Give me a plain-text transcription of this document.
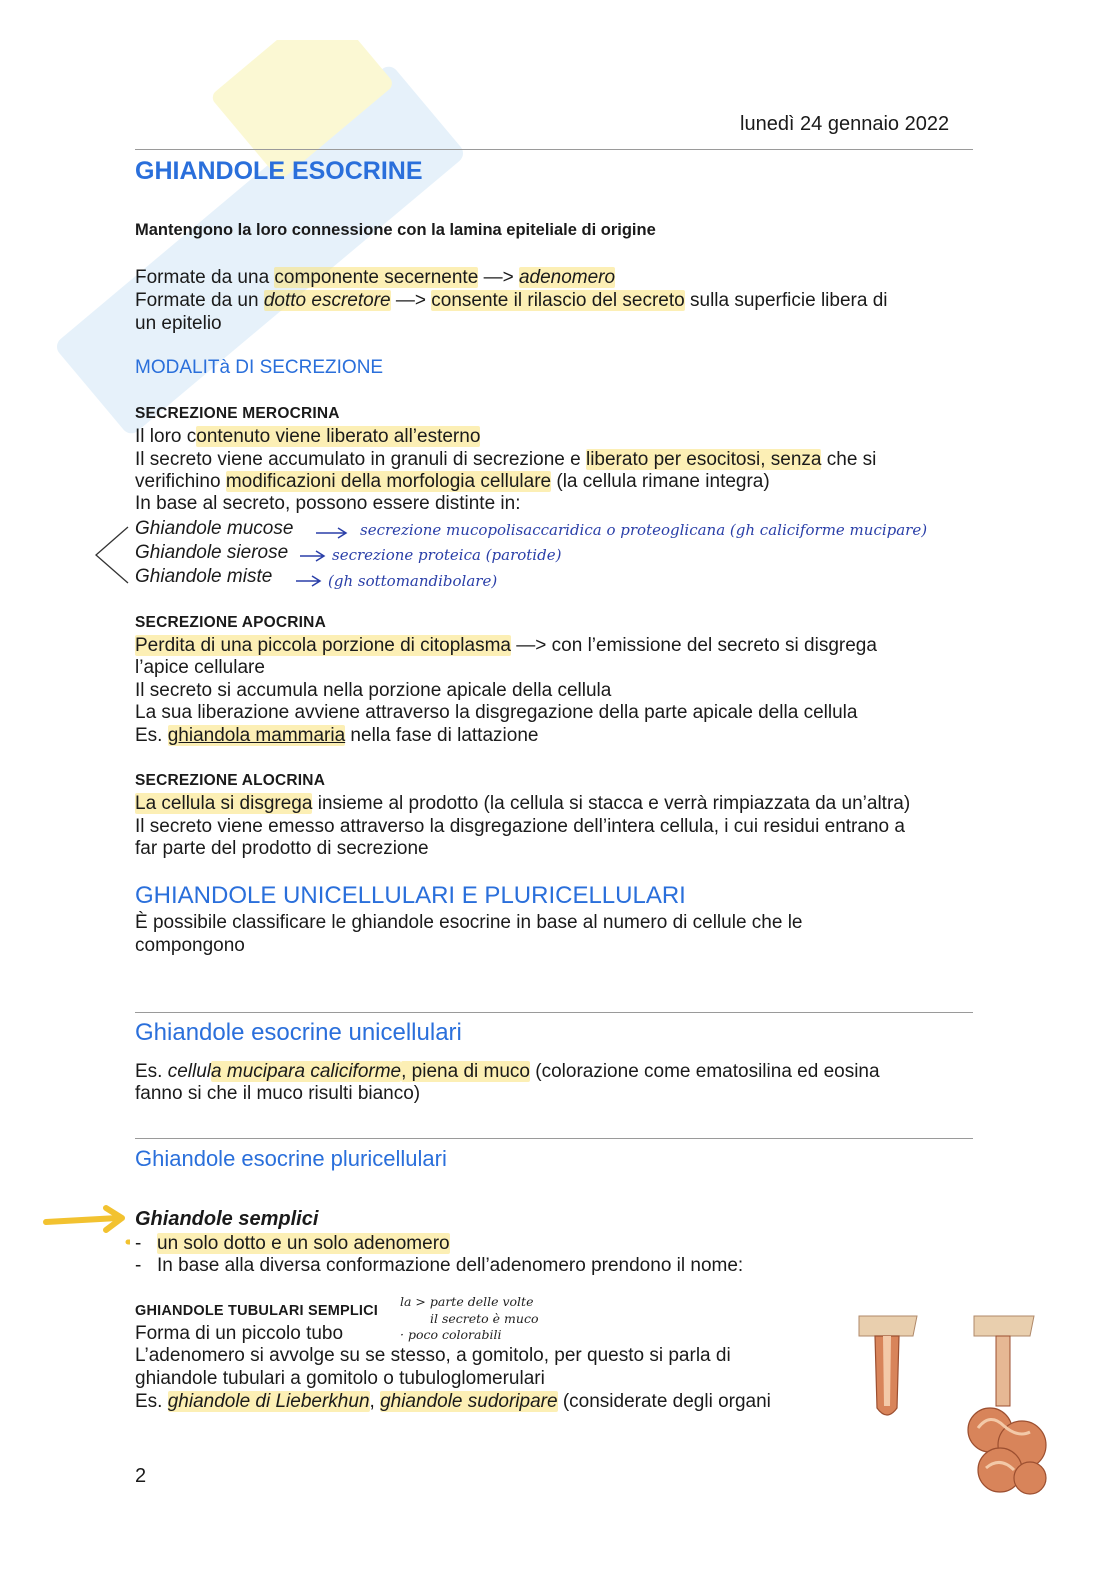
lunedì 24 gennaio 2022
GHIANDOLE ESOCRINE
Mantengono la loro connessione con la lamina epiteliale di origine
Formate da una componente secernente —> adenomero
Formate da un dotto escretore —> consente il rilascio del secreto sulla superficie libera di
un epitelio
MODALITà DI SECREZIONE
SECREZIONE MEROCRINA
Il loro contenuto viene liberato all’esterno
Il secreto viene accumulato in granuli di secrezione e liberato per esocitosi, senza che si
verifichino modificazioni della morfologia cellulare (la cellula rimane integra)
In base al secreto, possono essere distinte in:
Ghiandole mucose
Ghiandole sierose
Ghiandole miste
secrezione mucopolisaccaridica o proteoglicana (gh caliciforme mucipare)
secrezione proteica (parotide)
(gh sottomandibolare)
SECREZIONE APOCRINA
Perdita di una piccola porzione di citoplasma —> con l’emissione del secreto si disgrega
l’apice cellulare
Il secreto si accumula nella porzione apicale della cellula
La sua liberazione avviene attraverso la disgregazione della parte apicale della cellula
Es. ghiandola mammaria nella fase di lattazione
SECREZIONE ALOCRINA
La cellula si disgrega insieme al prodotto (la cellula si stacca e verrà rimpiazzata da un’altra)
Il secreto viene emesso attraverso la disgregazione dell’intera cellula, i cui residui entrano a
far parte del prodotto di secrezione
GHIANDOLE UNICELLULARI E PLURICELLULARI
È possibile classificare le ghiandole esocrine in base al numero di cellule che le
compongono
Ghiandole esocrine unicellulari
Es. cellula mucipara caliciforme, piena di muco (colorazione come ematosilina ed eosina
fanno si che il muco risulti bianco)
Ghiandole esocrine pluricellulari
Ghiandole semplici
- un solo dotto e un solo adenomero
- In base alla diversa conformazione dell’adenomero prendono il nome:
GHIANDOLE TUBULARI SEMPLICI
la > parte delle volte
il secreto è muco
· poco colorabili
Forma di un piccolo tubo
L’adenomero si avvolge su se stesso, a gomitolo, per questo si parla di
ghiandole tubulari a gomitolo o tubuloglomerulari
Es. ghiandole di Lieberkhun, ghiandole sudoripare (considerate degli organi
2
